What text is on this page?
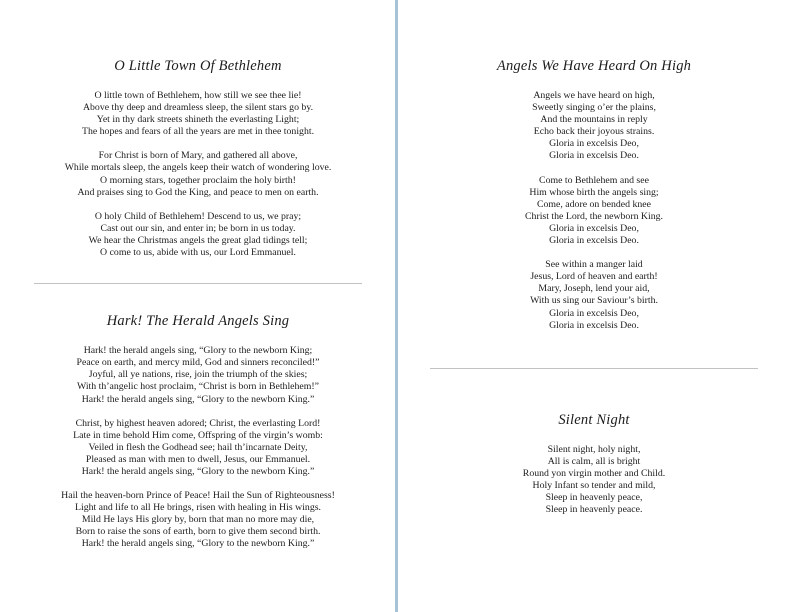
O Little Town Of Bethlehem
O little town of Bethlehem, how still we see thee lie!
Above thy deep and dreamless sleep, the silent stars go by.
Yet in thy dark streets shineth the everlasting Light;
The hopes and fears of all the years are met in thee tonight.
For Christ is born of Mary, and gathered all above,
While mortals sleep, the angels keep their watch of wondering love.
O morning stars, together proclaim the holy birth!
And praises sing to God the King, and peace to men on earth.
O holy Child of Bethlehem! Descend to us, we pray;
Cast out our sin, and enter in; be born in us today.
We hear the Christmas angels the great glad tidings tell;
O come to us, abide with us, our Lord Emmanuel.
Hark! The Herald Angels Sing
Hark! the herald angels sing, “Glory to the newborn King;
Peace on earth, and mercy mild, God and sinners reconciled!”
Joyful, all ye nations, rise, join the triumph of the skies;
With th’angelic host proclaim, “Christ is born in Bethlehem!”
Hark! the herald angels sing, “Glory to the newborn King.”
Christ, by highest heaven adored; Christ, the everlasting Lord!
Late in time behold Him come, Offspring of the virgin’s womb:
Veiled in flesh the Godhead see; hail th’incarnate Deity,
Pleased as man with men to dwell, Jesus, our Emmanuel.
Hark! the herald angels sing, “Glory to the newborn King.”
Hail the heaven-born Prince of Peace! Hail the Sun of Righteousness!
Light and life to all He brings, risen with healing in His wings.
Mild He lays His glory by, born that man no more may die,
Born to raise the sons of earth, born to give them second birth.
Hark! the herald angels sing, “Glory to the newborn King.”
Angels We Have Heard On High
Angels we have heard on high,
Sweetly singing o’er the plains,
And the mountains in reply
Echo back their joyous strains.
Gloria in excelsis Deo,
Gloria in excelsis Deo.
Come to Bethlehem and see
Him whose birth the angels sing;
Come, adore on bended knee
Christ the Lord, the newborn King.
Gloria in excelsis Deo,
Gloria in excelsis Deo.
See within a manger laid
Jesus, Lord of heaven and earth!
Mary, Joseph, lend your aid,
With us sing our Saviour’s birth.
Gloria in excelsis Deo,
Gloria in excelsis Deo.
Silent Night
Silent night, holy night,
All is calm, all is bright
Round yon virgin mother and Child.
Holy Infant so tender and mild,
Sleep in heavenly peace,
Sleep in heavenly peace.
